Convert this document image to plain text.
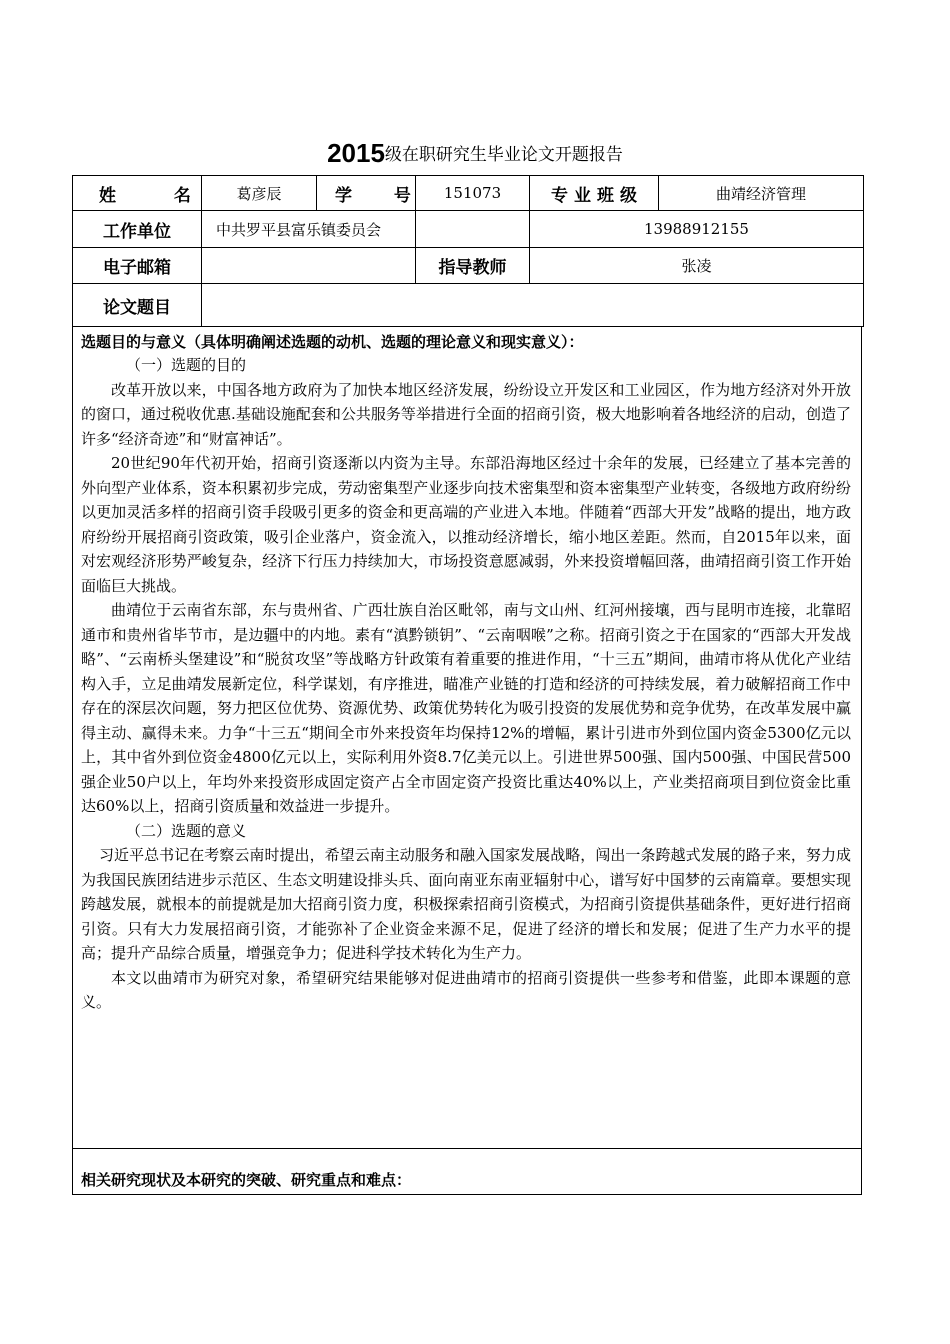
2015级在职研究生毕业论文开题报告
姓 名	葛彦辰	学 号	151073	专业班级	曲靖经济管理
工作单位	中共罗平县富乐镇委员会			13988912155	
电子邮箱			指导教师	张凌	
论文题目					
选题目的与意义（具体明确阐述选题的动机、选题的理论意义和现实意义）：

（一）选题的目的

改革开放以来，中国各地方政府为了加快本地区经济发展，纷纷设立开发区和工业园区，作为地方经济对外开放的窗口，通过税收优惠.基础设施配套和公共服务等举措进行全面的招商引资，极大地影响着各地经济的启动，创造了许多“经济奇迹”和“财富神话”。

20世纪90年代初开始，招商引资逐渐以内资为主导。东部沿海地区经过十余年的发展，已经建立了基本完善的外向型产业体系，资本积累初步完成，劳动密集型产业逐步向技术密集型和资本密集型产业转变，各级地方政府纷纷以更加灵活多样的招商引资手段吸引更多的资金和更高端的产业进入本地。伴随着“西部大开发”战略的提出，地方政府纷纷开展招商引资政策，吸引企业落户，资金流入，以推动经济增长，缩小地区差距。然而，自2015年以来，面对宏观经济形势严峻复杂，经济下行压力持续加大，市场投资意愿减弱，外来投资增幅回落，曲靖招商引资工作开始面临巨大挑战。

曲靖位于云南省东部，东与贵州省、广西壮族自治区毗邻，南与文山州、红河州接壤，西与昆明市连接，北靠昭通市和贵州省毕节市，是边疆中的内地。素有“滇黔锁钥”、“云南咽喉”之称。招商引资之于在国家的“西部大开发战略”、“云南桥头堡建设”和“脱贫攻坚”等战略方针政策有着重要的推进作用，“十三五”期间，曲靖市将从优化产业结构入手，立足曲靖发展新定位，科学谋划，有序推进，瞄准产业链的打造和经济的可持续发展，着力破解招商工作中存在的深层次问题，努力把区位优势、资源优势、政策优势转化为吸引投资的发展优势和竞争优势，在改革发展中赢得主动、赢得未来。力争“十三五“期间全市外来投资年均保持12%的增幅，累计引进市外到位国内资金5300亿元以上，其中省外到位资金4800亿元以上，实际利用外资8.7亿美元以上。引进世界500强、国内500强、中国民营500强企业50户以上，年均外来投资形成固定资产占全市固定资产投资比重达40%以上，产业类招商项目到位资金比重达60%以上，招商引资质量和效益进一步提升。

（二）选题的意义

习近平总书记在考察云南时提出，希望云南主动服务和融入国家发展战略，闯出一条跨越式发展的路子来，努力成为我国民族团结进步示范区、生态文明建设排头兵、面向南亚东南亚辐射中心，谱写好中国梦的云南篇章。要想实现跨越发展，就根本的前提就是加大招商引资力度，积极探索招商引资模式，为招商引资提供基础条件，更好进行招商引资。只有大力发展招商引资，才能弥补了企业资金来源不足，促进了经济的增长和发展；促进了生产力水平的提高；提升产品综合质量，增强竞争力；促进科学技术转化为生产力。

本文以曲靖市为研究对象，希望研究结果能够对促进曲靖市的招商引资提供一些参考和借鉴，此即本课题的意义。

相关研究现状及本研究的突破、研究重点和难点：
